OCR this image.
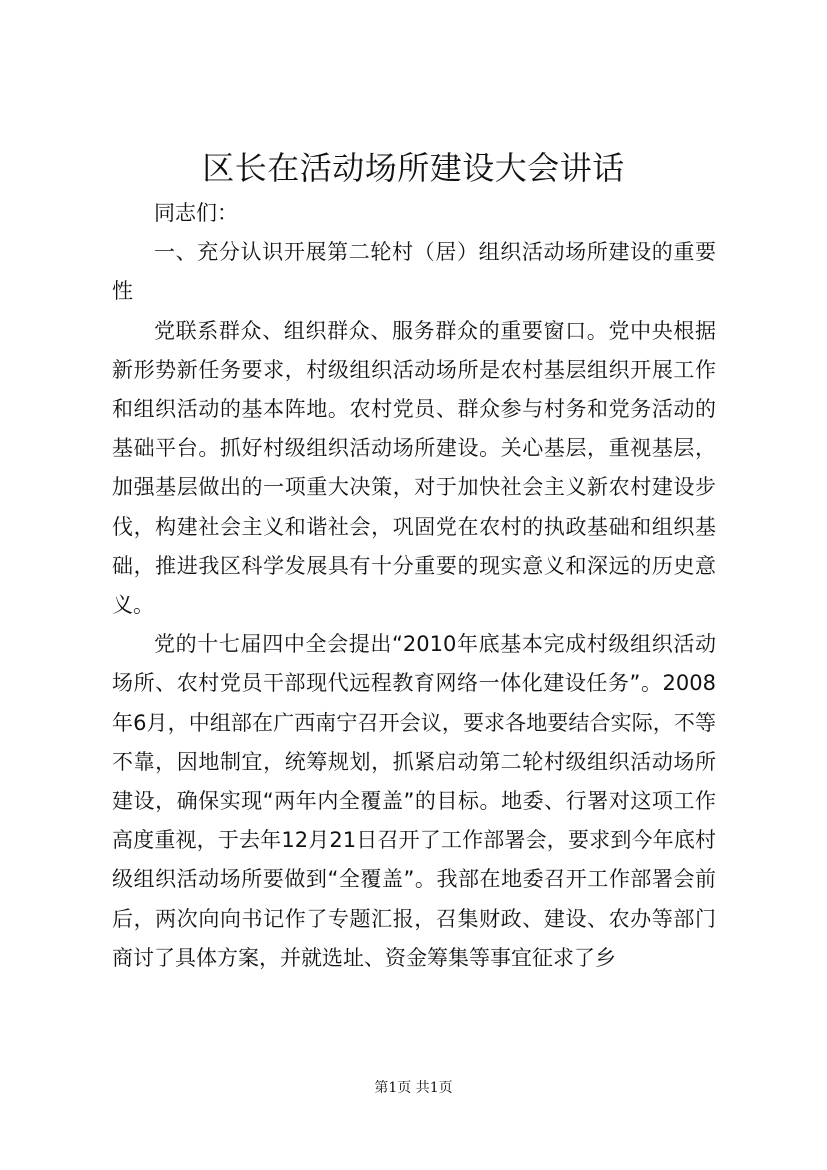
区长在活动场所建设大会讲话

同志们：

一、充分认识开展第二轮村（居）组织活动场所建设的重要性

党联系群众、组织群众、服务群众的重要窗口。党中央根据新形势新任务要求，村级组织活动场所是农村基层组织开展工作和组织活动的基本阵地。农村党员、群众参与村务和党务活动的基础平台。抓好村级组织活动场所建设。关心基层，重视基层，加强基层做出的一项重大决策，对于加快社会主义新农村建设步伐，构建社会主义和谐社会，巩固党在农村的执政基础和组织基础，推进我区科学发展具有十分重要的现实意义和深远的历史意义。

党的十七届四中全会提出“2010年底基本完成村级组织活动场所、农村党员干部现代远程教育网络一体化建设任务”。2008年6月，中组部在广西南宁召开会议，要求各地要结合实际，不等不靠，因地制宜，统筹规划，抓紧启动第二轮村级组织活动场所建设，确保实现“两年内全覆盖”的目标。地委、行署对这项工作高度重视，于去年12月21日召开了工作部署会，要求到今年底村级组织活动场所要做到“全覆盖”。我部在地委召开工作部署会前后，两次向向书记作了专题汇报，召集财政、建设、农办等部门商讨了具体方案，并就选址、资金筹集等事宜征求了乡

第1页 共1页
